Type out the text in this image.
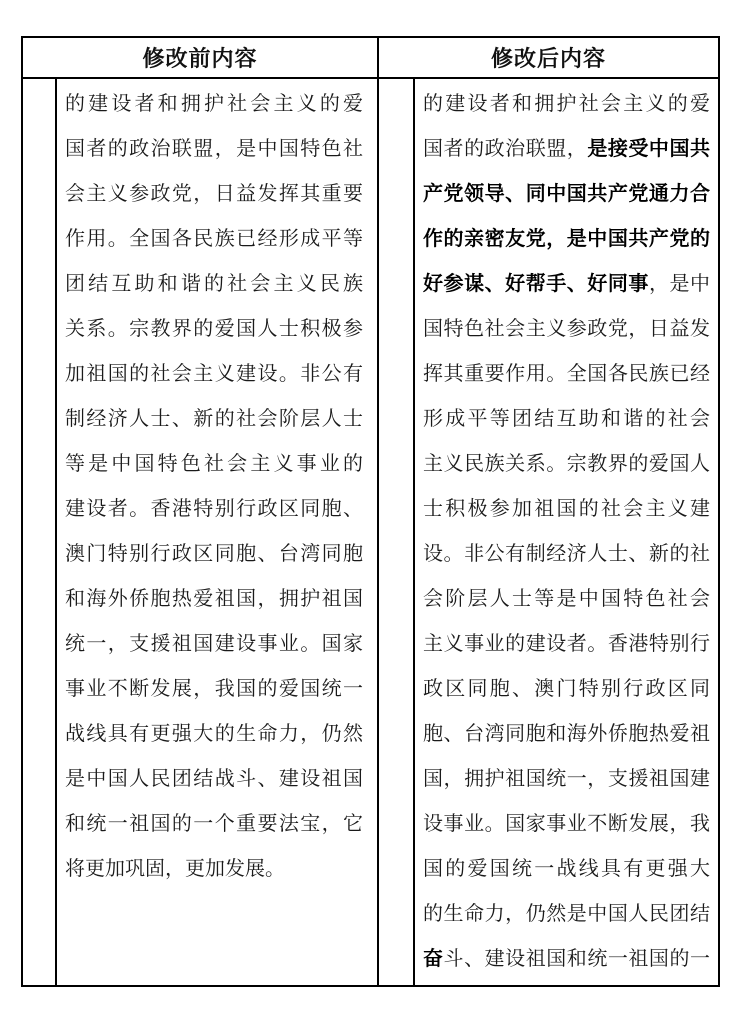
修改前内容	修改后内容
的建设者和拥护社会主义的爱
国者的政治联盟，是中国特色社
会主义参政党，日益发挥其重要
作用。全国各民族已经形成平等
团结互助和谐的社会主义民族
关系。宗教界的爱国人士积极参
加祖国的社会主义建设。非公有
制经济人士、新的社会阶层人士
等是中国特色社会主义事业的
建设者。香港特别行政区同胞、
澳门特别行政区同胞、台湾同胞
和海外侨胞热爱祖国，拥护祖国
统一，支援祖国建设事业。国家
事业不断发展，我国的爱国统一
战线具有更强大的生命力，仍然
是中国人民团结战斗、建设祖国
和统一祖国的一个重要法宝，它
将更加巩固，更加发展。
的建设者和拥护社会主义的爱
国者的政治联盟，是接受中国共
产党领导、同中国共产党通力合
作的亲密友党，是中国共产党的
好参谋、好帮手、好同事，是中
国特色社会主义参政党，日益发
挥其重要作用。全国各民族已经
形成平等团结互助和谐的社会
主义民族关系。宗教界的爱国人
士积极参加祖国的社会主义建
设。非公有制经济人士、新的社
会阶层人士等是中国特色社会
主义事业的建设者。香港特别行
政区同胞、澳门特别行政区同
胞、台湾同胞和海外侨胞热爱祖
国，拥护祖国统一，支援祖国建
设事业。国家事业不断发展，我
国的爱国统一战线具有更强大
的生命力，仍然是中国人民团结
奋斗、建设祖国和统一祖国的一
